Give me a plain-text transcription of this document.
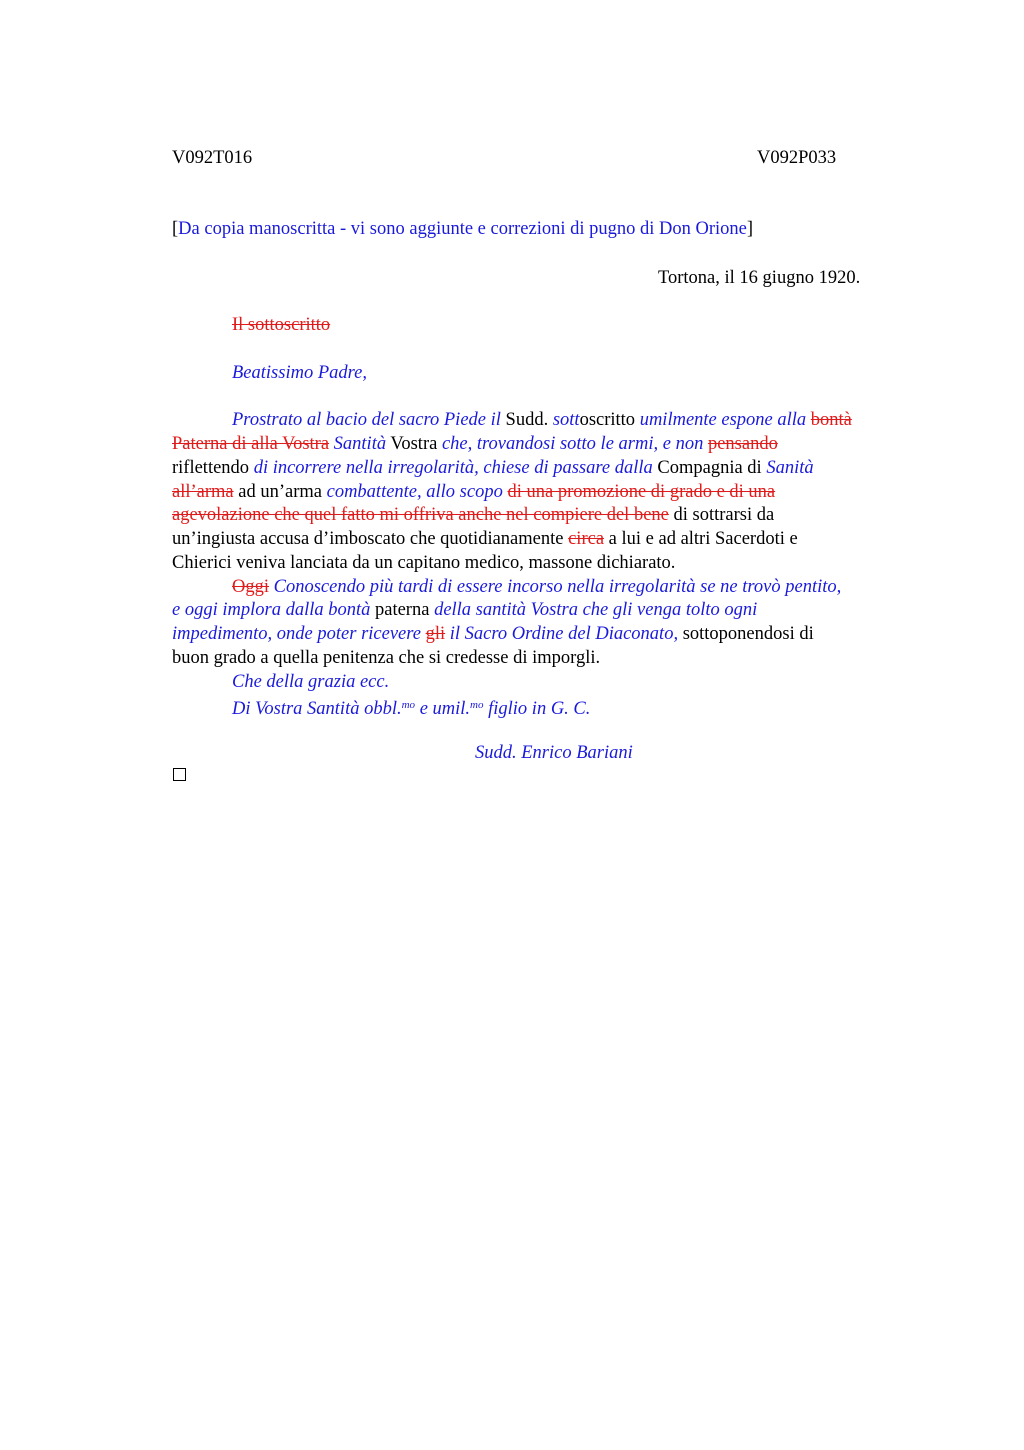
V092T016	V092P033
[Da copia manoscritta - vi sono aggiunte e correzioni di pugno di Don Orione]
Tortona, il 16 giugno 1920.
Il sottoscritto
Beatissimo Padre,
Prostrato al bacio del sacro Piede il Sudd. sottoscritto umilmente espone alla bontà
Paterna di alla Vostra Santità Vostra che, trovandosi sotto le armi, e non pensando
riflettendo di incorrere nella irregolarità, chiese di passare dalla Compagnia di Sanità
all’arma ad un’arma combattente, allo scopo di una promozione di grado e di una
agevolazione che quel fatto mi offriva anche nel compiere del bene di sottrarsi da
un’ingiusta accusa d’imboscato che quotidianamente circa a lui e ad altri Sacerdoti e
Chierici veniva lanciata da un capitano medico, massone dichiarato.
Oggi Conoscendo più tardi di essere incorso nella irregolarità se ne trovò pentito,
e oggi implora dalla bontà paterna della santità Vostra che gli venga tolto ogni
impedimento, onde poter ricevere gli il Sacro Ordine del Diaconato, sottoponendosi di
buon grado a quella penitenza che si credesse di imporgli.
Che della grazia ecc.
Di Vostra Santità obbl.$^{mo}$ e umil.$^{mo}$ figlio in G. C.
Sudd. Enrico Bariani
